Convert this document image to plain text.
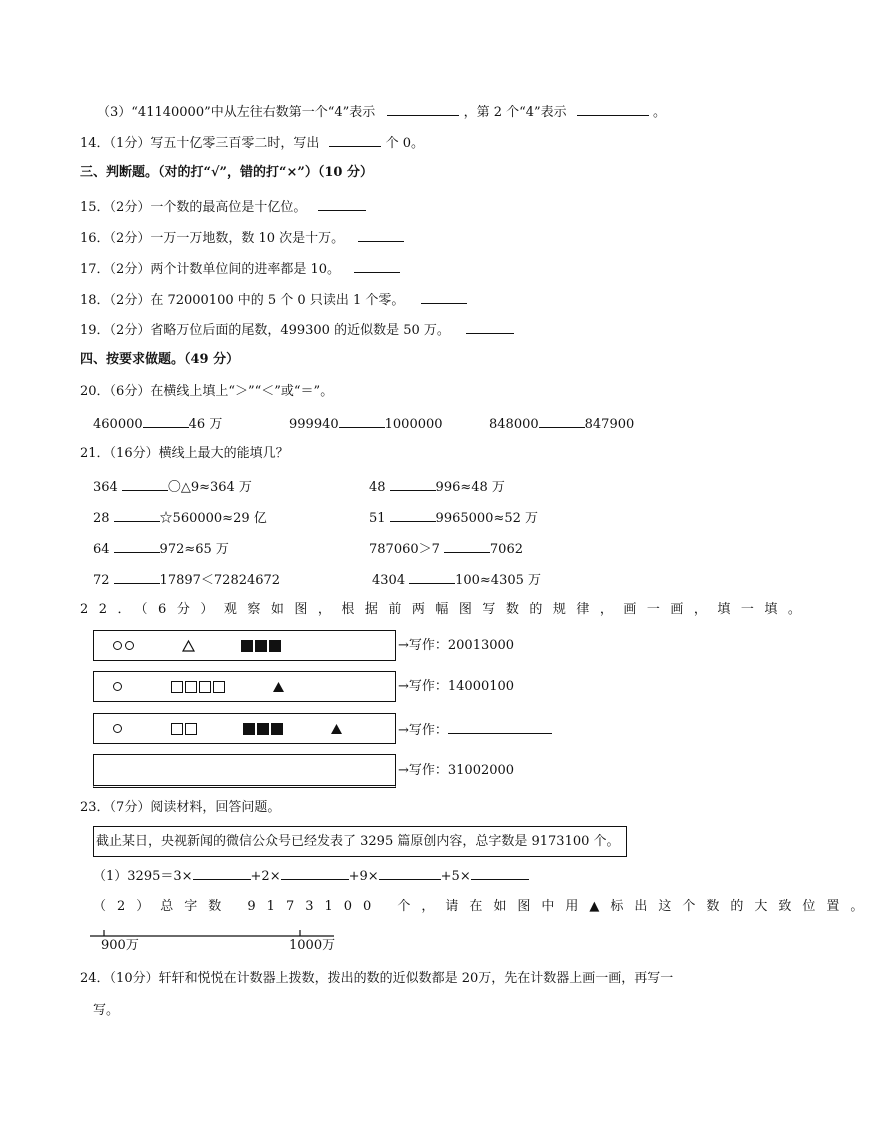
（3）“41140000”中从左往右数第一个“4”表示	，第 2 个“4”表示	。
14．（1分）写五十亿零三百零二时，写出	个 0。
三、判断题。（对的打“√”，错的打“×”）（10 分）
15．（2分）一个数的最高位是十亿位。
16．（2分）一万一万地数，数 10 次是十万。
17．（2分）两个计数单位间的进率都是 10。
18．（2分）在 72000100 中的 5 个 0 只读出 1 个零。
19．（2分）省略万位后面的尾数，499300 的近似数是 50 万。
四、按要求做题。（49 分）
20．（6分）在横线上填上“＞”“＜”或“＝”。
460000	46 万	999940	1000000	848000	847900
21．（16分）横线上最大的能填几？
364	〇△9≈364 万	48	996≈48 万
28	☆560000≈29 亿	51	9965000≈52 万
64	972≈65 万	787060＞7	7062
72	17897＜72824672	4304	100≈4305 万
22．（6分）观察如图，根据前两幅图写数的规律，画一画，填一填。
→写作：20013000
→写作：14000100
→写作：
→写作：31002000
23．（7分）阅读材料，回答问题。
截止某日，央视新闻的微信公众号已经发表了 3295 篇原创内容，总字数是 9173100 个。
（1）3295＝3×	+2×	+9×	+5×
（2）总字数 9173100 个，请在如图中用▲标出这个数的大致位置。
900万	1000万
24．（10分）轩轩和悦悦在计数器上拨数，拨出的数的近似数都是 20万，先在计数器上画一画，再写一
写。
